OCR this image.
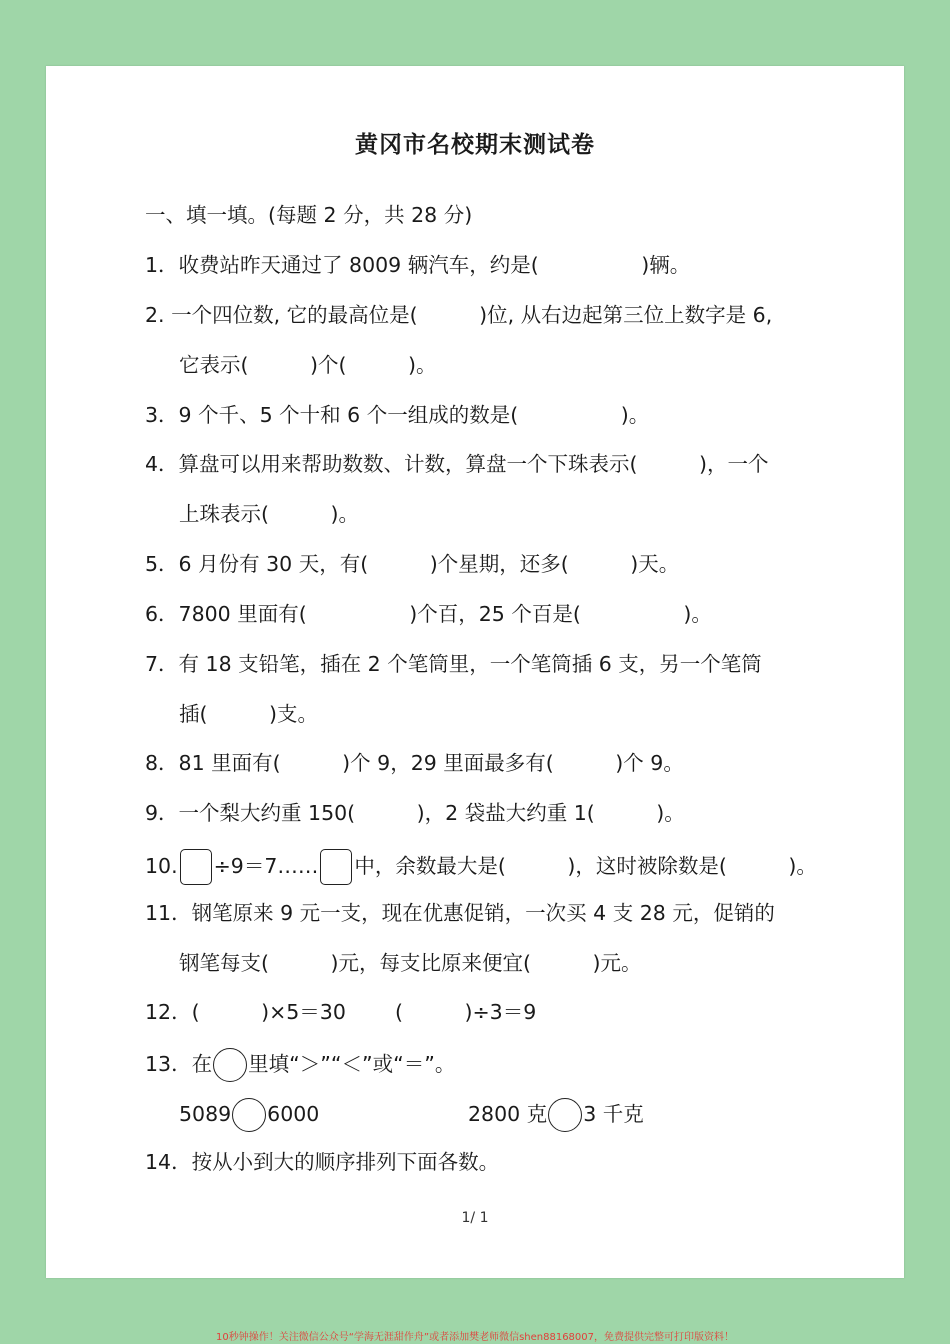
黄冈市名校期末测试卷
一、填一填。(每题 2 分，共 28 分)
1．收费站昨天通过了 8009 辆汽车，约是(　　　　　)辆。
2. 一个四位数, 它的最高位是(　　　)位, 从右边起第三位上数字是 6,
它表示(　　　)个(　　　)。
3．9 个千、5 个十和 6 个一组成的数是(　　　　　)。
4．算盘可以用来帮助数数、计数，算盘一个下珠表示(　　　)，一个
上珠表示(　　　)。
5．6 月份有 30 天，有(　　　)个星期，还多(　　　)天。
6．7800 里面有(　　　　　)个百，25 个百是(　　　　　)。
7．有 18 支铅笔，插在 2 个笔筒里，一个笔筒插 6 支，另一个笔筒
插(　　　)支。
8．81 里面有(　　　)个 9，29 里面最多有(　　　)个 9。
9．一个梨大约重 150(　　　)，2 袋盐大约重 1(　　　)。
10. ÷9＝7…… 中，余数最大是(　　　)，这时被除数是(　　　)。
11．钢笔原来 9 元一支，现在优惠促销，一次买 4 支 28 元，促销的
钢笔每支(　　　)元，每支比原来便宜(　　　)元。
12．(　　　)×5＝30 (　　　)÷3＝9
13．在 里填“＞”“＜”或“＝”。
5089 6000	2800 克 3 千克
14．按从小到大的顺序排列下面各数。
1/ 1
10秒钟操作！关注微信公众号“学海无涯甜作舟”或者添加樊老师微信shen88168007，免费提供完整可打印版资料！
